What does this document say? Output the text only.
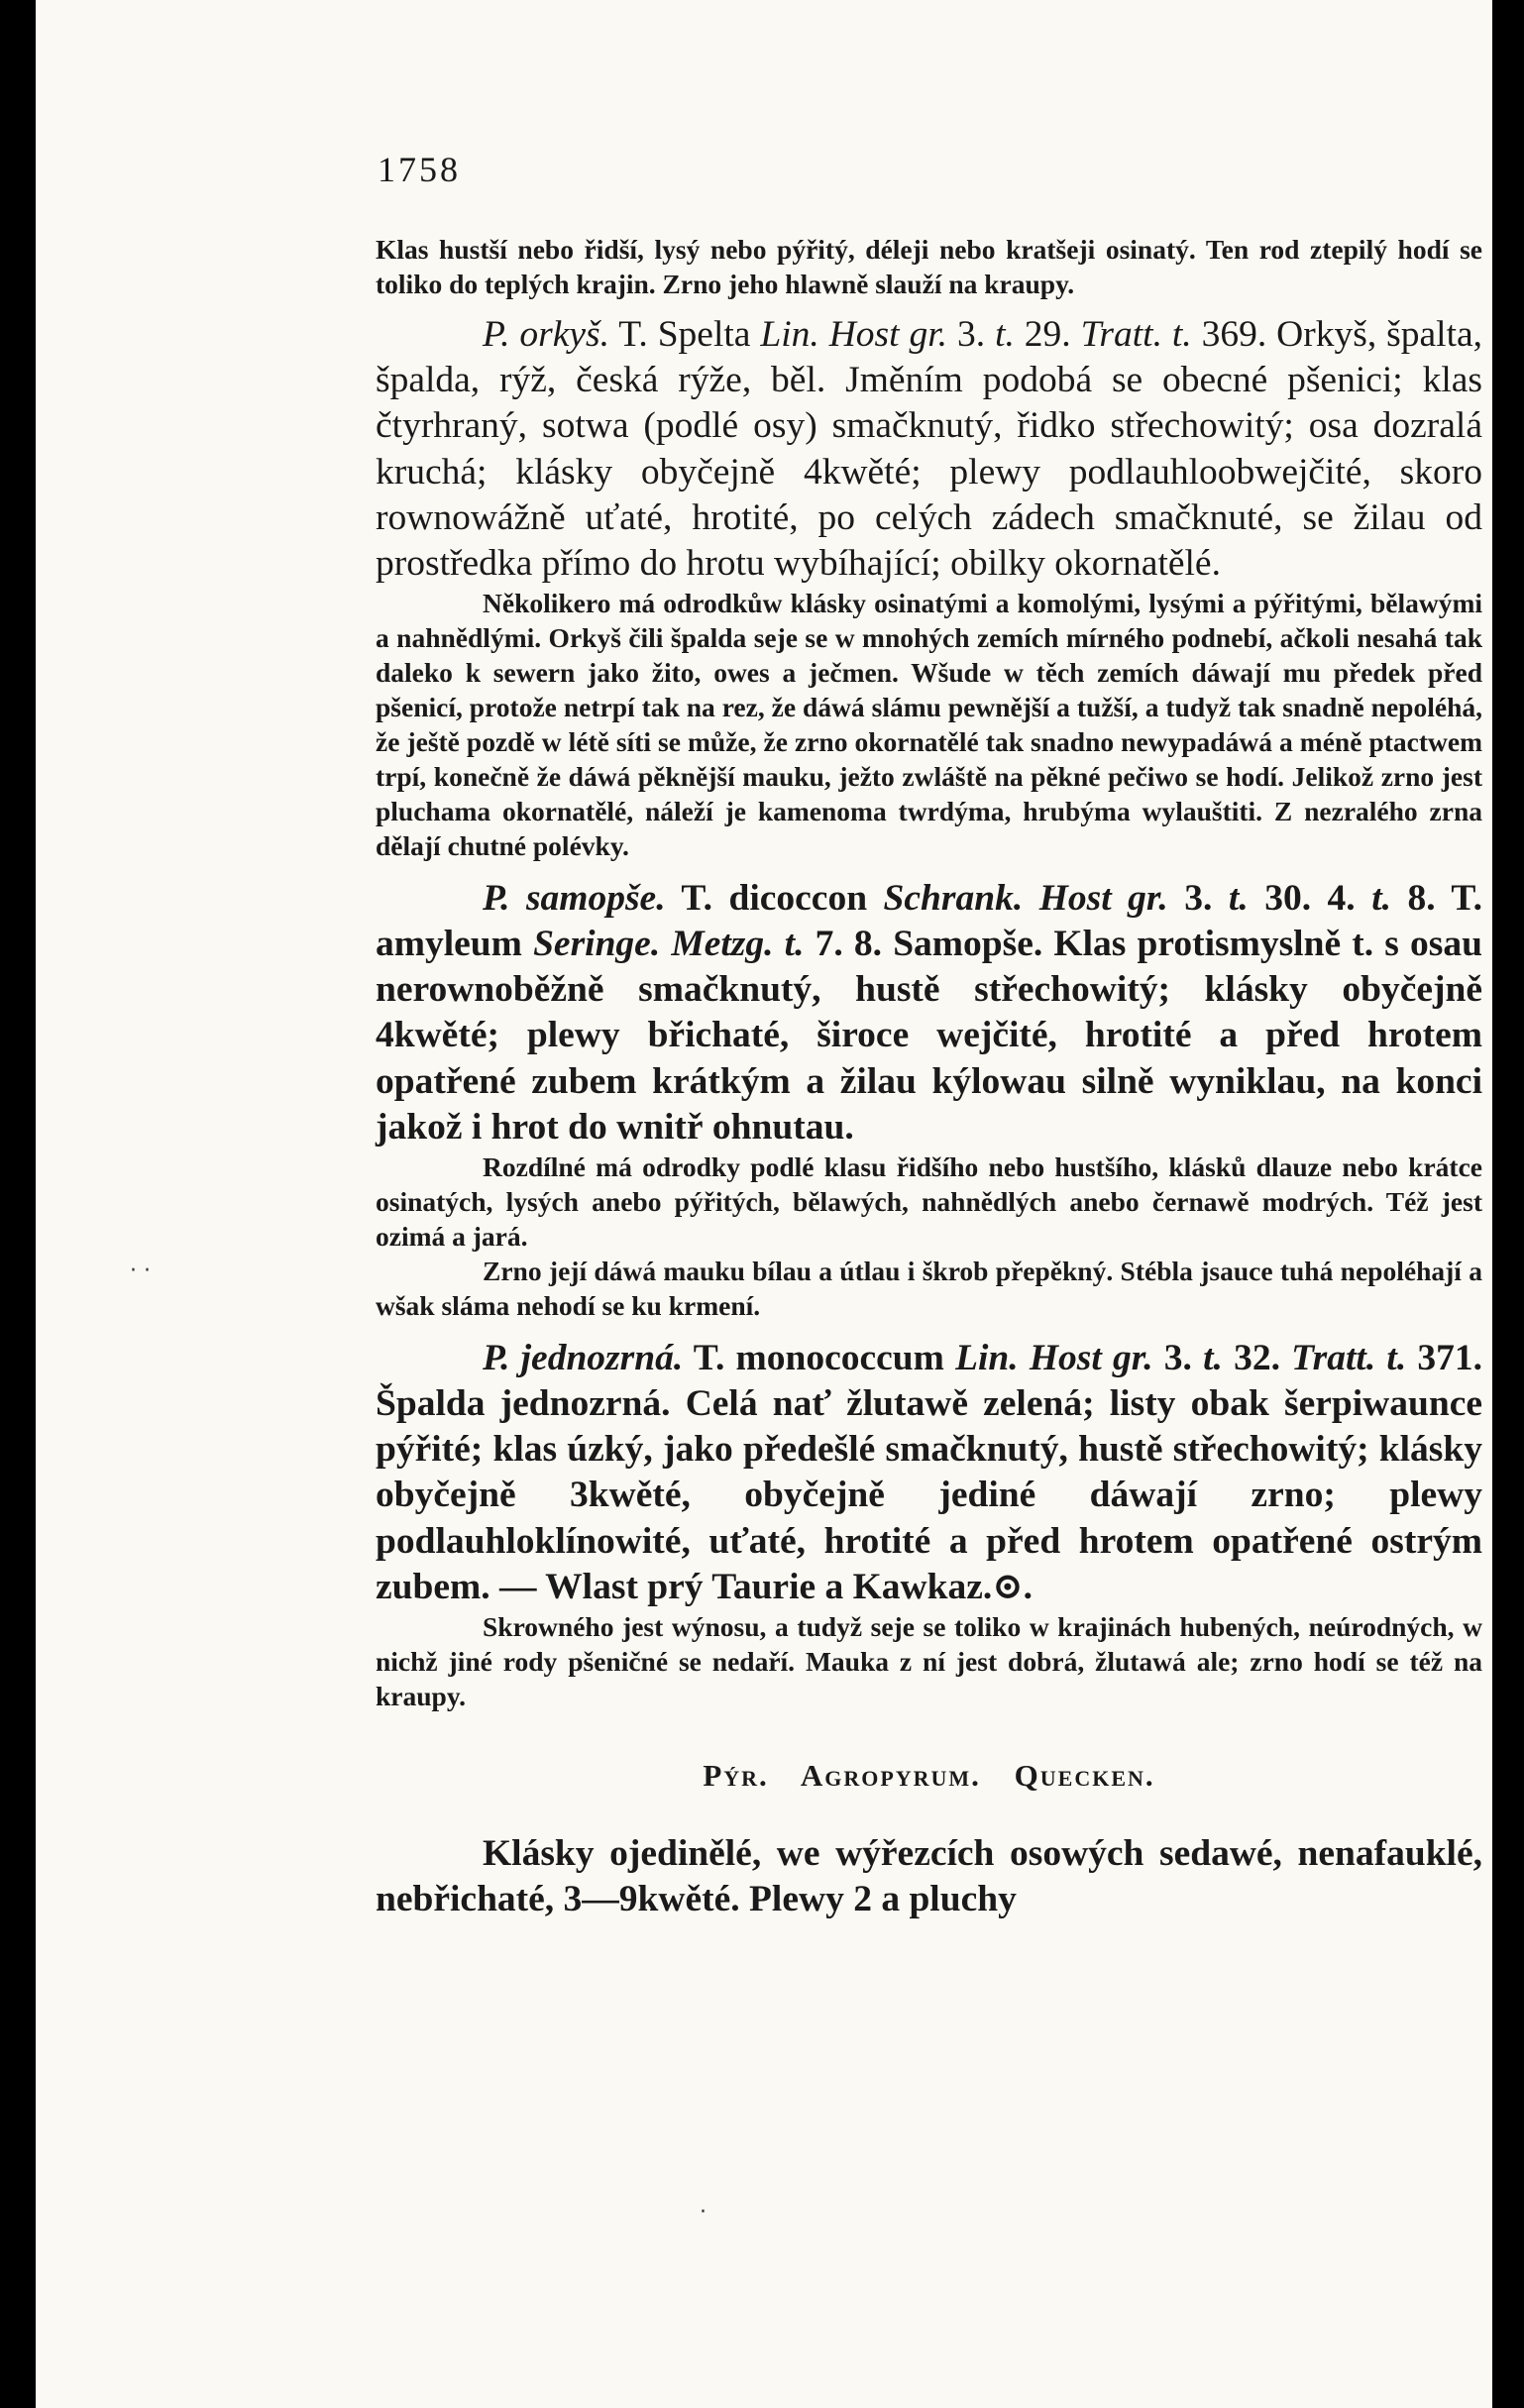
1758

Klas hustší nebo řidší, lysý nebo pýřitý, déleji nebo kratšeji osinatý. Ten rod ztepilý hodí se toliko do teplých krajin. Zrno jeho hlawně slauží na kraupy.

P. orkyš. T. Spelta Lin. Host gr. 3. t. 29. Tratt. t. 369. Orkyš, špalta, špalda, rýž, česká rýže, běl. Jměním podobá se obecné pšenici; klas čtyrhraný, sotwa (podlé osy) smačknutý, řidko střechowitý; osa dozralá kruchá; klásky obyčejně 4kwěté; plewy podlauhloobwejčité, skoro rownowážně uťaté, hrotité, po celých zádech smačknuté, se žilau od prostředka přímo do hrotu wybíhající; obilky okornatělé.

Několikero má odrodkůw klásky osinatými a komolými, lysými a pýřitými, bělawými a nahnědlými. Orkyš čili špalda seje se w mnohých zemích mírného podnebí, ačkoli nesahá tak daleko k sewern jako žito, owes a ječmen. Wšude w těch zemích dáwají mu předek před pšenicí, protože netrpí tak na rez, že dáwá slámu pewnější a tužší, a tudyž tak snadně nepoléhá, že ještě pozdě w létě síti se může, že zrno okornatělé tak snadno newypadáwá a méně ptactwem trpí, konečně že dáwá pěknější mauku, ježto zwláště na pěkné pečiwo se hodí. Jelikož zrno jest pluchama okornatělé, náleží je kamenoma twrdýma, hrubýma wylauštiti. Z nezralého zrna dělají chutné polévky.

P. samopše. T. dicoccon Schrank. Host gr. 3. t. 30. 4. t. 8. T. amyleum Seringe. Metzg. t. 7. 8. Samopše. Klas protismyslně t. s osau nerownoběžně smačknutý, hustě střechowitý; klásky obyčejně 4kwěté; plewy břichaté, široce wejčité, hrotité a před hrotem opatřené zubem krátkým a žilau kýlowau silně wyniklau, na konci jakož i hrot do wnitř ohnutau.

Rozdílné má odrodky podlé klasu řidšího nebo hustšího, klásků dlauze nebo krátce osinatých, lysých anebo pýřitých, bělawých, nahnědlých anebo černawě modrých. Též jest ozimá a jará.

Zrno její dáwá mauku bílau a útlau i škrob přepěkný. Stébla jsauce tuhá nepoléhají a wšak sláma nehodí se ku krmení.

P. jednozrná. T. monococcum Lin. Host gr. 3. t. 32. Tratt. t. 371. Špalda jednozrná. Celá nať žlutawě zelená; listy obak šerpiwaunce pýřité; klas úzký, jako předešlé smačknutý, hustě střechowitý; klásky obyčejně 3kwěté, obyčejně jediné dáwají zrno; plewy podlauhloklínowité, uťaté, hrotité a před hrotem opatřené ostrým zubem. — Wlast prý Taurie a Kawkaz.⊙.

Skrowného jest wýnosu, a tudyž seje se toliko w krajinách hubených, neúrodných, w nichž jiné rody pšeničné se nedaří. Mauka z ní jest dobrá, žlutawá ale; zrno hodí se též na kraupy.

Pýr. Agropyrum. Quecken.

Klásky ojedinělé, we wýřezcích osowých sedawé, nenafauklé, nebřichaté, 3—9kwěté. Plewy 2 a pluchy

· ·
·
